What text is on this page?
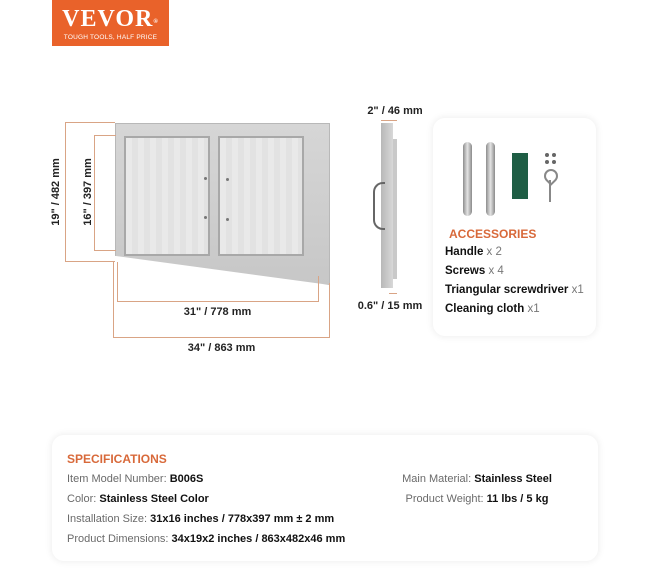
VEVOR®
TOUGH TOOLS, HALF PRICE
19" / 482 mm 16" / 397 mm
31" / 778 mm
34" / 863 mm
2" / 46 mm
0.6" / 15 mm
ACCESSORIES
Handle x 2
Screws x 4
Triangular screwdriver x1
Cleaning cloth x1
SPECIFICATIONS
Item Model Number: B006S
Color: Stainless Steel Color
Installation Size: 31x16 inches / 778x397 mm ± 2 mm
Product Dimensions: 34x19x2 inches / 863x482x46 mm
Main Material: Stainless Steel
Product Weight: 11 lbs / 5 kg
